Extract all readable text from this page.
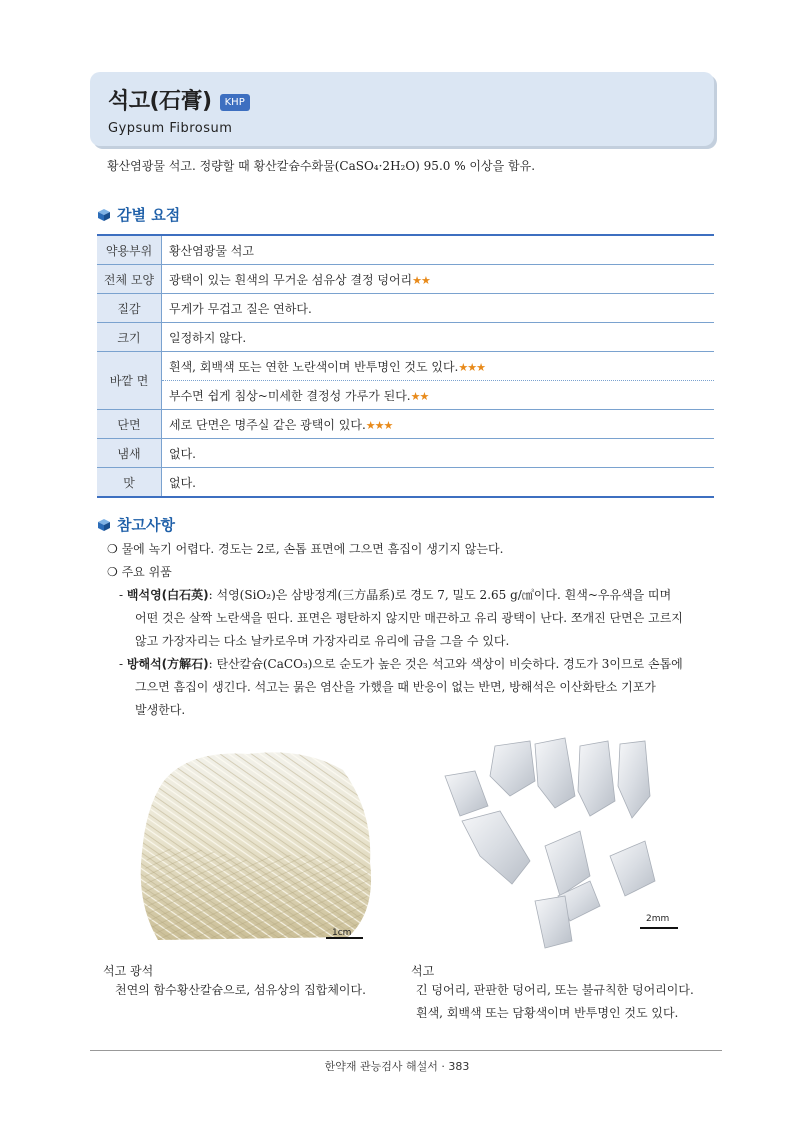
석고(石膏) KHP
Gypsum Fibrosum
황산염광물 석고. 정량할 때 황산칼슘수화물(CaSO₄·2H₂O) 95.0 % 이상을 함유.
감별 요점
약용부위	황산염광물 석고
전체 모양	광택이 있는 흰색의 무거운 섬유상 결정 덩어리★★
질감	무게가 무겁고 질은 연하다.
크기	일정하지 않다.
바깥 면	흰색, 회백색 또는 연한 노란색이며 반투명인 것도 있다.★★★
	부수면 쉽게 침상~미세한 결정성 가루가 된다.★★
단면	세로 단면은 명주실 같은 광택이 있다.★★★
냄새	없다.
맛	없다.
참고사항
❍ 물에 녹기 어렵다. 경도는 2로, 손톱 표면에 그으면 흠집이 생기지 않는다.
❍ 주요 위품
- 백석영(白石英): 석영(SiO₂)은 삼방정계(三方晶系)로 경도 7, 밀도 2.65 g/㎤이다. 흰색~우유색을 띠며
어떤 것은 살짝 노란색을 띤다. 표면은 평탄하지 않지만 매끈하고 유리 광택이 난다. 쪼개진 단면은 고르지
않고 가장자리는 다소 날카로우며 가장자리로 유리에 금을 그을 수 있다.
- 방해석(方解石): 탄산칼슘(CaCO₃)으로 순도가 높은 것은 석고와 색상이 비슷하다. 경도가 3이므로 손톱에
그으면 흠집이 생긴다. 석고는 묽은 염산을 가했을 때 반응이 없는 반면, 방해석은 이산화탄소 기포가
발생한다.
1cm
2mm
석고 광석
천연의 함수황산칼슘으로, 섬유상의 집합체이다.
석고
긴 덩어리, 판판한 덩어리, 또는 불규칙한 덩어리이다.
흰색, 회백색 또는 담황색이며 반투명인 것도 있다.
한약재 관능검사 해설서 · 383
